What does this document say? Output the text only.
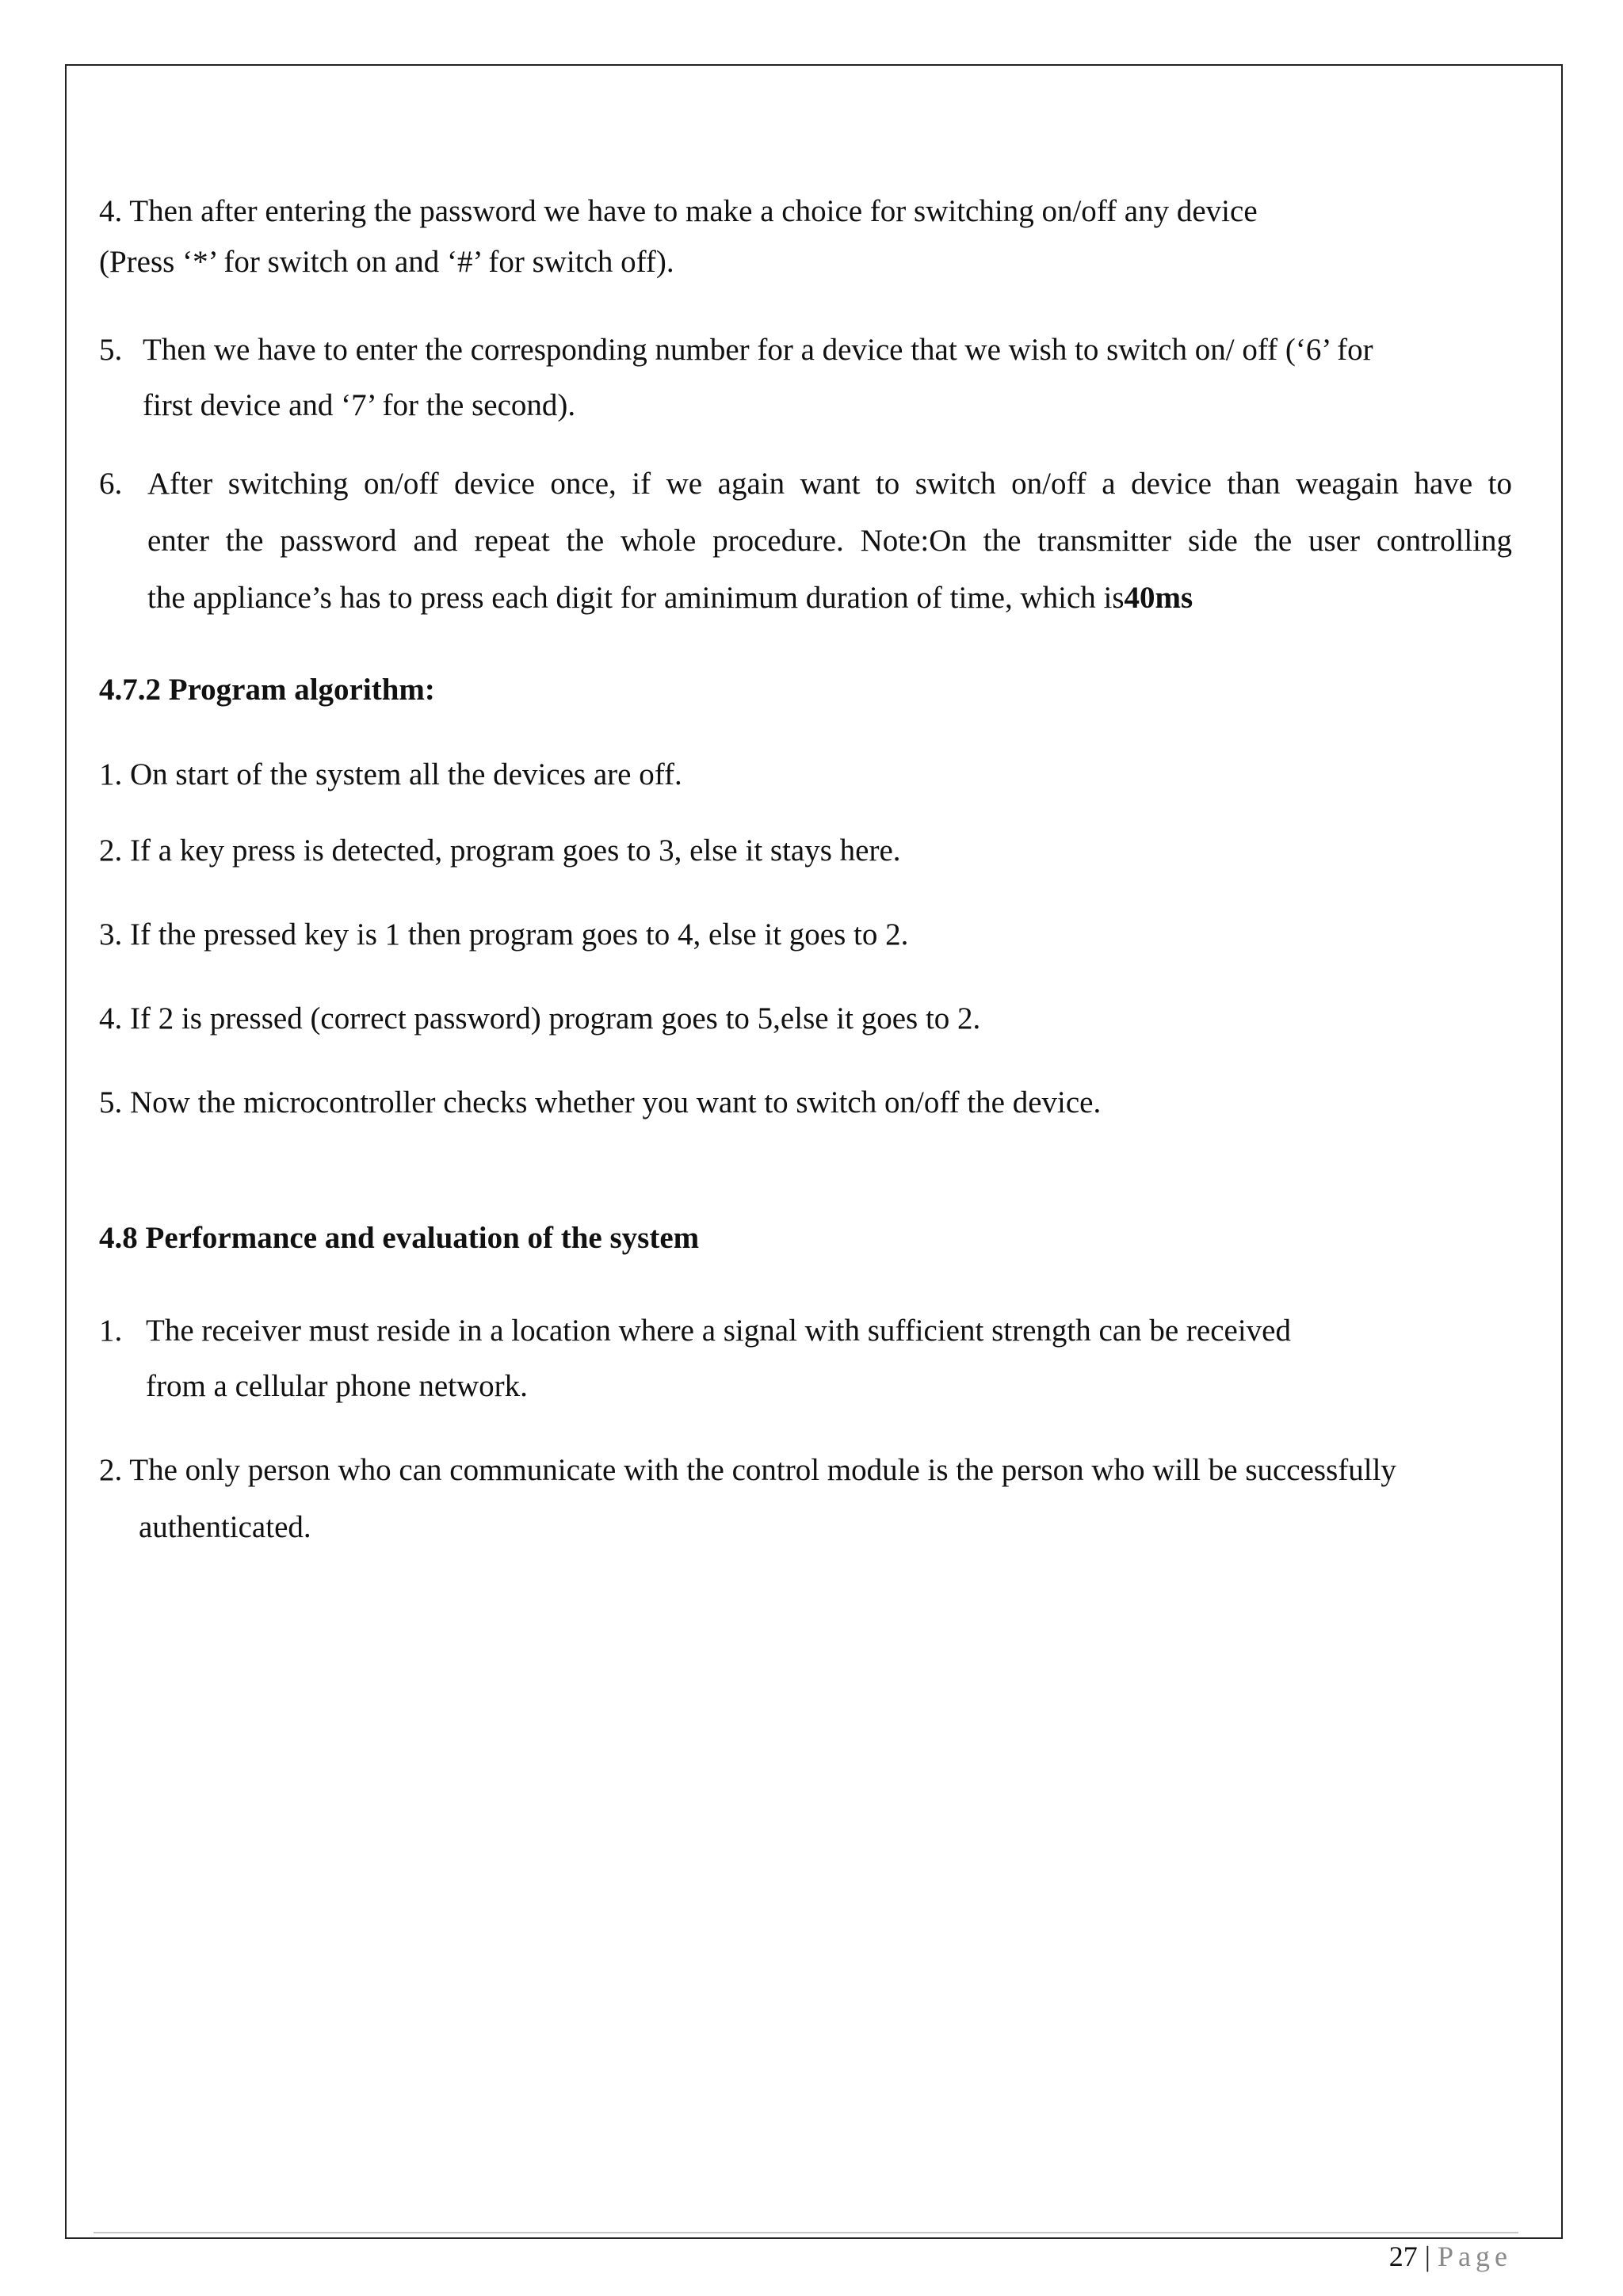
4. Then after entering the password we have to make a choice for switching on/off any device
(Press ‘*’ for switch on and ‘#’ for switch off).
5. Then we have to enter the corresponding number for a device that we wish to switch on/ off (‘6’ for
first device and ‘7’ for the second).
6. After switching on/off device once, if we again want to switch on/off a device than weagain have to
enter the password and repeat the whole procedure. Note:On the transmitter side the user controlling
the appliance’s has to press each digit for aminimum duration of time, which is40ms
4.7.2 Program algorithm:
1. On start of the system all the devices are off.
2. If a key press is detected, program goes to 3, else it stays here.
3. If the pressed key is 1 then program goes to 4, else it goes to 2.
4. If 2 is pressed (correct password) program goes to 5,else it goes to 2.
5. Now the microcontroller checks whether you want to switch on/off the device.
4.8 Performance and evaluation of the system
1. The receiver must reside in a location where a signal with sufficient strength can be received
from a cellular phone network.
2. The only person who can communicate with the control module is the person who will be successfully
authenticated.
27 | Page
